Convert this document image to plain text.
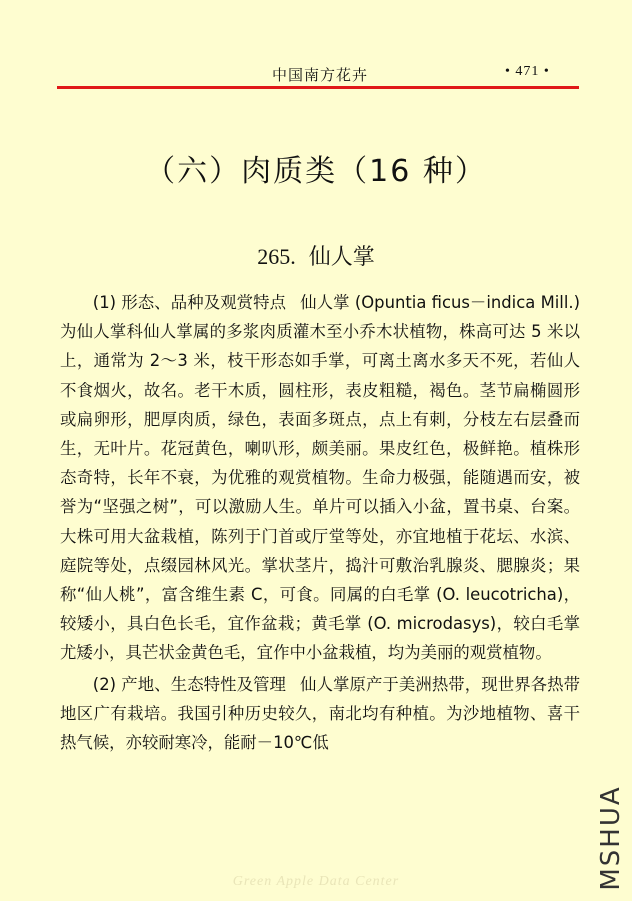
中国南方花卉	• 471 •
（六）肉质类（16 种）
265. 仙人掌

(1) 形态、品种及观赏特点 仙人掌 (Opuntia ficus－indica Mill.) 为仙人掌科仙人掌属的多浆肉质灌木至小乔木状植物，株高可达 5 米以上，通常为 2～3 米，枝干形态如手掌，可离土离水多天不死，若仙人不食烟火，故名。老干木质，圆柱形，表皮粗糙，褐色。茎节扁椭圆形或扁卵形，肥厚肉质，绿色，表面多斑点，点上有刺，分枝左右层叠而生，无叶片。花冠黄色，喇叭形，颇美丽。果皮红色，极鲜艳。植株形态奇特，长年不衰，为优雅的观赏植物。生命力极强，能随遇而安，被誉为“坚强之树”，可以激励人生。单片可以插入小盆，置书桌、台案。大株可用大盆栽植，陈列于门首或厅堂等处，亦宜地植于花坛、水滨、庭院等处，点缀园林风光。掌状茎片，捣汁可敷治乳腺炎、腮腺炎；果称“仙人桃”，富含维生素 C，可食。同属的白毛掌 (O. leucotricha)，较矮小，具白色长毛，宜作盆栽；黄毛掌 (O. microdasys)，较白毛掌尤矮小，具芒状金黄色毛，宜作中小盆栽植，均为美丽的观赏植物。

(2) 产地、生态特性及管理 仙人掌原产于美洲热带，现世界各热带地区广有栽培。我国引种历史较久，南北均有种植。为沙地植物、喜干热气候，亦较耐寒冷，能耐－10℃低

MSHUA
Green Apple Data Center
